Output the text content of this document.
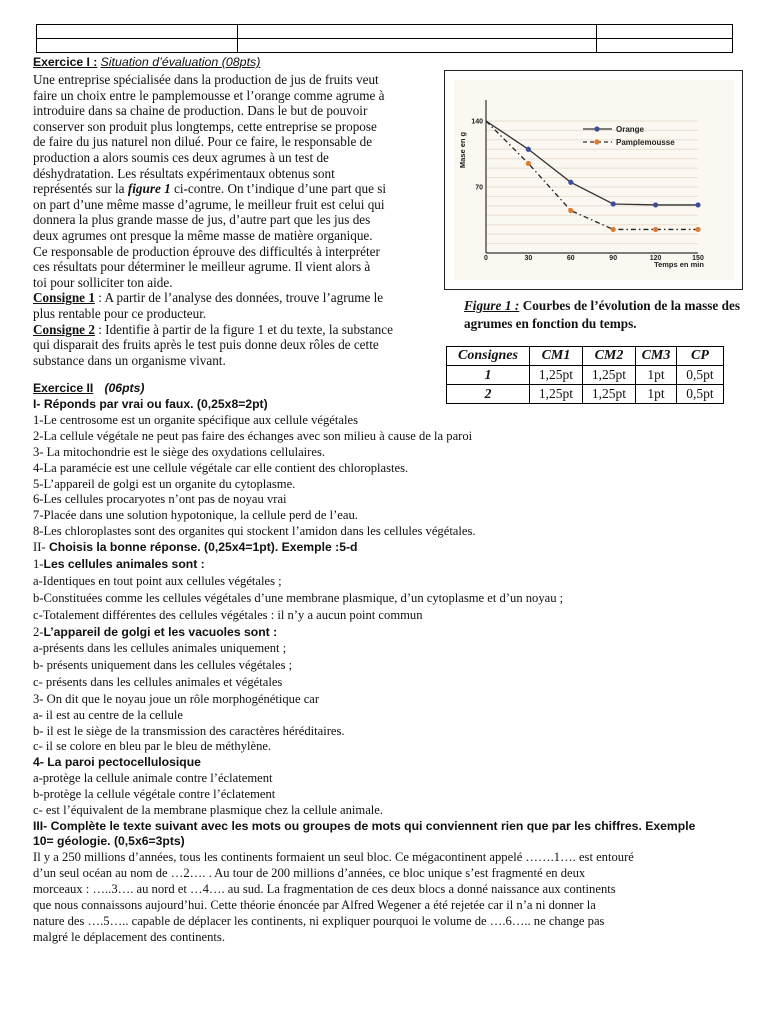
Exercice I : Situation d’évaluation (08pts)
Une entreprise spécialisée dans la production de jus de fruits veut
faire un choix entre le pamplemousse et l’orange comme agrume à
introduire dans sa chaine de production. Dans le but de pouvoir
conserver son produit plus longtemps, cette entreprise se propose
de faire du jus naturel non dilué. Pour ce faire, le responsable de
production a alors soumis ces deux agrumes à un test de
déshydratation. Les résultats expérimentaux obtenus sont
représentés sur la figure 1 ci-contre. On t’indique d’une part que si
on part d’une même masse d’agrume, le meilleur fruit est celui qui
donnera la plus grande masse de jus, d’autre part que les jus des
deux agrumes ont presque la même masse de matière organique.
Ce responsable de production éprouve des difficultés à interpréter
ces résultats pour déterminer le meilleur agrume. Il vient alors à
toi pour solliciter ton aide.
Consigne 1 : A partir de l’analyse des données, trouve l’agrume le
plus rentable pour ce producteur.
Consigne 2 : Identifie à partir de la figure 1 et du texte, la substance
qui disparait des fruits après le test puis donne deux rôles de cette
substance dans un organisme vivant.
0	30	60	90	120	150
70
140
Temps en min
Mase en g
Orange
Pamplemousse
Figure 1 : Courbes de l’évolution de la masse des agrumes en fonction du temps.
Consignes	CM1	CM2	CM3	CP
1	1,25pt	1,25pt	1pt	0,5pt
2	1,25pt	1,25pt	1pt	0,5pt
Exercice II (06pts)
I- Réponds par vrai ou faux. (0,25x8=2pt)
1-Le centrosome est un organite spécifique aux cellule végétales
2-La cellule végétale ne peut pas faire des échanges avec son milieu à cause de la paroi
3- La mitochondrie est le siège des oxydations cellulaires.
4-La paramécie est une cellule végétale car elle contient des chloroplastes.
5-L’appareil de golgi est un organite du cytoplasme.
6-Les cellules procaryotes n’ont pas de noyau vrai
7-Placée dans une solution hypotonique, la cellule perd de l’eau.
8-Les chloroplastes sont des organites qui stockent l’amidon dans les cellules végétales.
II- Choisis la bonne réponse. (0,25x4=1pt). Exemple :5-d
1-Les cellules animales sont :
a-Identiques en tout point aux cellules végétales ;
b-Constituées comme les cellules végétales d’une membrane plasmique, d’un cytoplasme et d’un noyau ;
c-Totalement différentes des cellules végétales : il n’y a aucun point commun
2-L’appareil de golgi et les vacuoles sont :
a-présents dans les cellules animales uniquement ;
b- présents uniquement dans les cellules végétales ;
c- présents dans les cellules animales et végétales
3- On dit que le noyau joue un rôle morphogénétique car
a- il est au centre de la cellule
b- il est le siège de la transmission des caractères héréditaires.
c- il se colore en bleu par le bleu de méthylène.
4- La paroi pectocellulosique
a-protège la cellule animale contre l’éclatement
b-protège la cellule végétale contre l’éclatement
c- est l’équivalent de la membrane plasmique chez la cellule animale.
III- Complète le texte suivant avec les mots ou groupes de mots qui conviennent rien que par les chiffres. Exemple
10= géologie. (0,5x6=3pts)
Il y a 250 millions d’années, tous les continents formaient un seul bloc. Ce mégacontinent appelé …….1…. est entouré
d’un seul océan au nom de …2…. . Au tour de 200 millions d’années, ce bloc unique s’est fragmenté en deux
morceaux : …..3…. au nord et …4…. au sud. La fragmentation de ces deux blocs a donné naissance aux continents
que nous connaissons aujourd’hui. Cette théorie énoncée par Alfred Wegener a été rejetée car il n’a ni donner la
nature des ….5….. capable de déplacer les continents, ni expliquer pourquoi le volume de ….6….. ne change pas
malgré le déplacement des continents.
